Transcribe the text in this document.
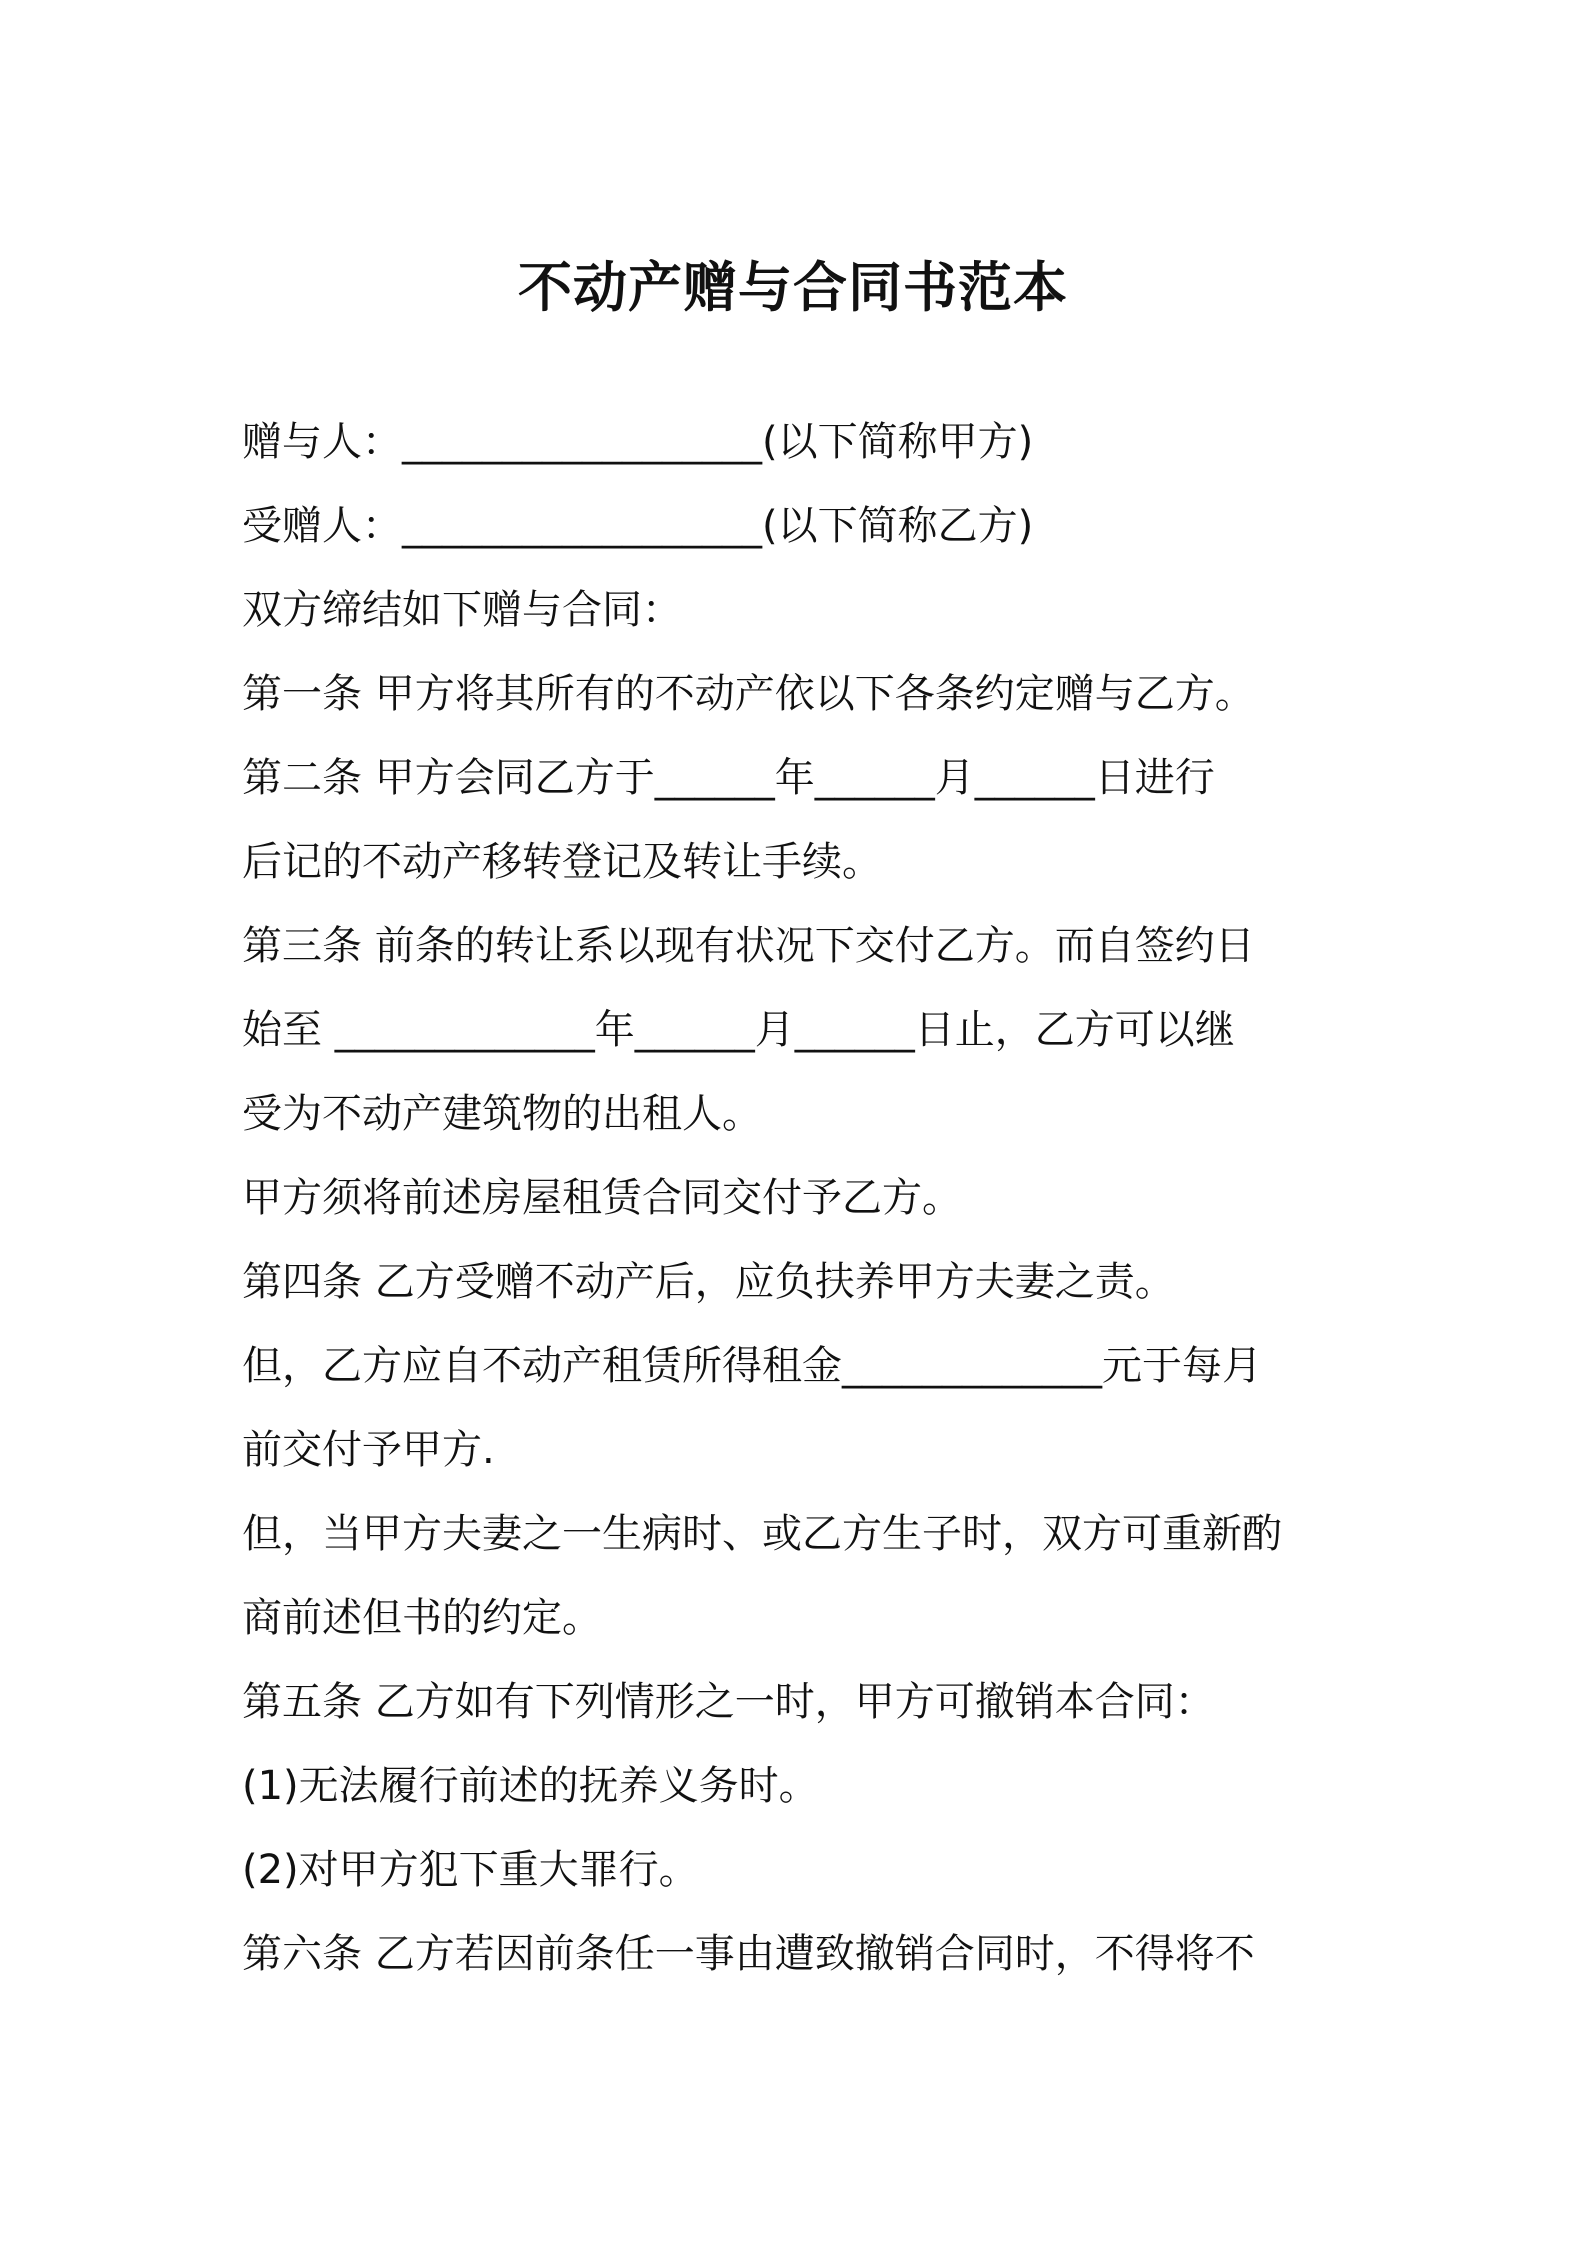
不动产赠与合同书范本
赠与人：__________________(以下简称甲方)
受赠人：__________________(以下简称乙方)
双方缔结如下赠与合同：
第一条 甲方将其所有的不动产依以下各条约定赠与乙方。
第二条 甲方会同乙方于______年______月______日进行
后记的不动产移转登记及转让手续。
第三条 前条的转让系以现有状况下交付乙方。而自签约日
始至 _____________年______月______日止，乙方可以继
受为不动产建筑物的出租人。
甲方须将前述房屋租赁合同交付予乙方。
第四条 乙方受赠不动产后，应负扶养甲方夫妻之责。
但，乙方应自不动产租赁所得租金_____________元于每月
前交付予甲方.
但，当甲方夫妻之一生病时、或乙方生子时，双方可重新酌
商前述但书的约定。
第五条 乙方如有下列情形之一时，甲方可撤销本合同：
(1)无法履行前述的抚养义务时。
(2)对甲方犯下重大罪行。
第六条 乙方若因前条任一事由遭致撤销合同时，不得将不
